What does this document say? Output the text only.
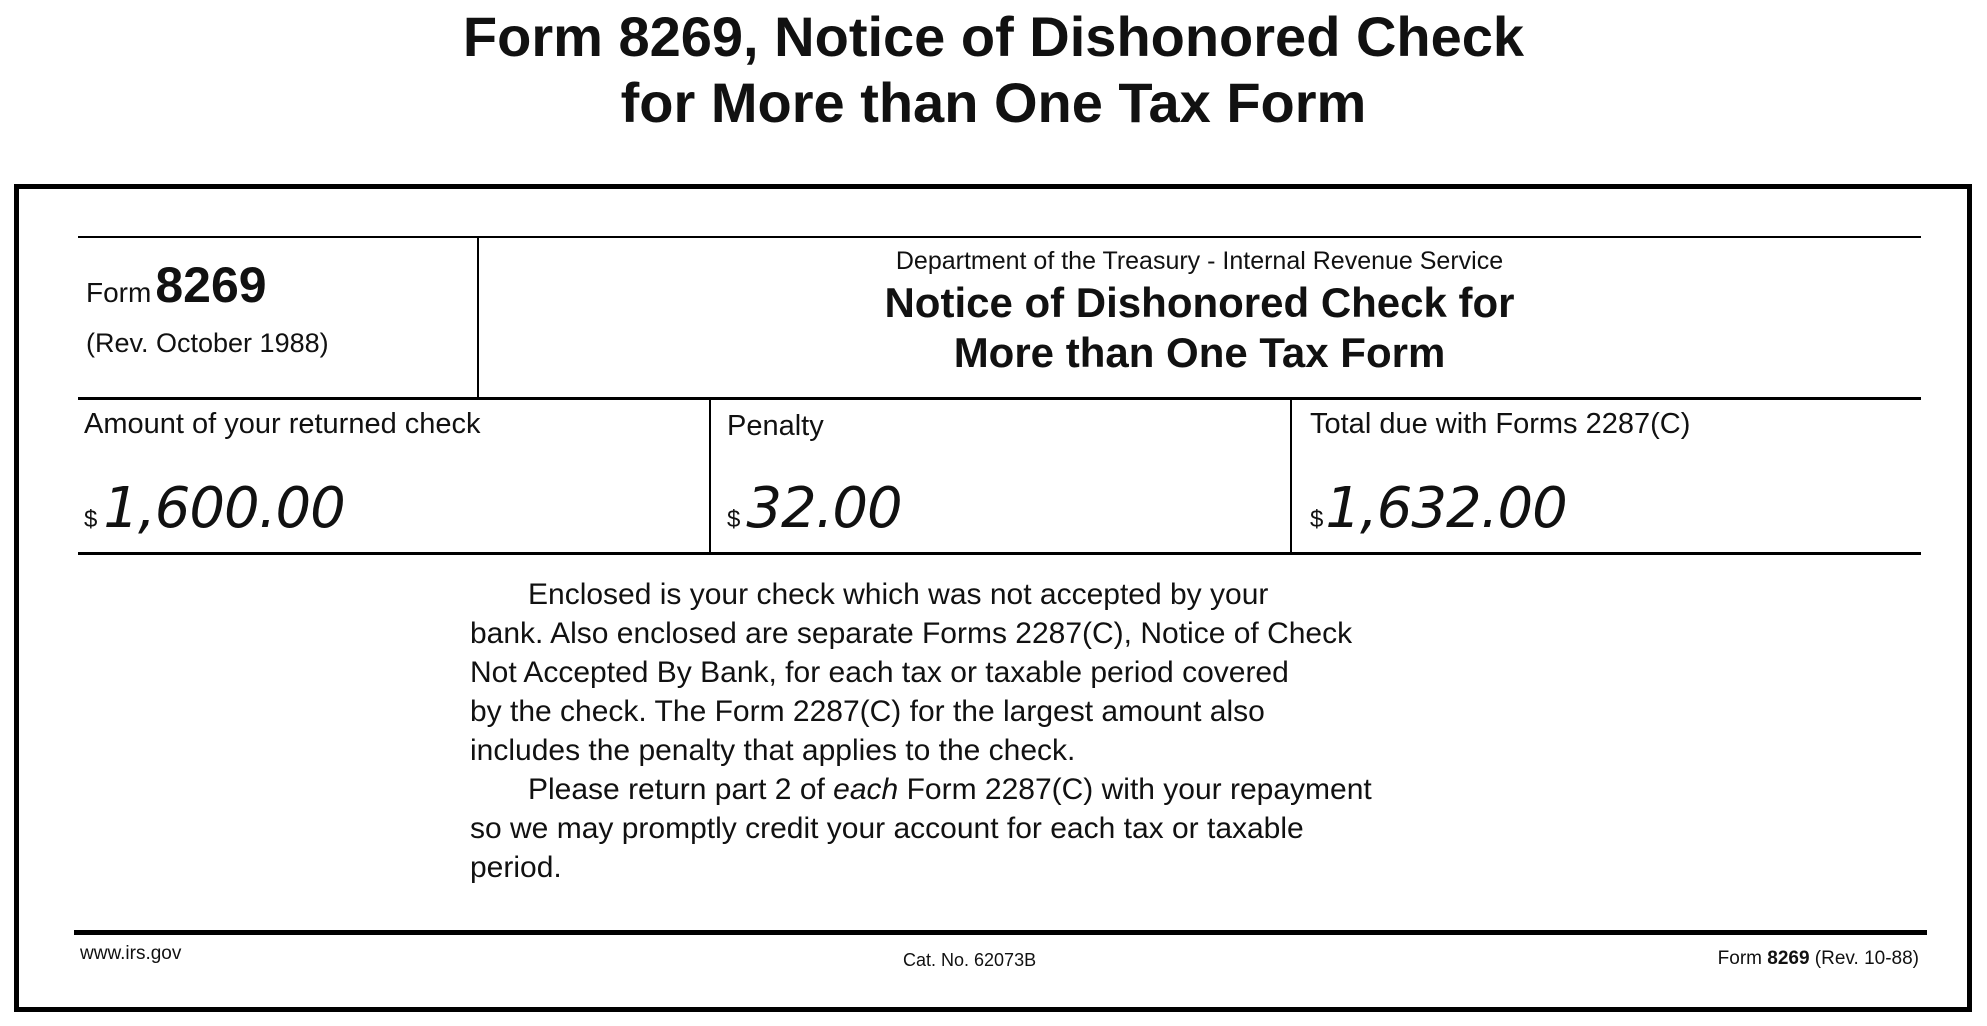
Form 8269, Notice of Dishonored Check
for More than One Tax Form
Form8269
(Rev. October 1988)
Department of the Treasury - Internal Revenue Service
Notice of Dishonored Check for
More than One Tax Form
Amount of your returned check
$ 1,600.00
Penalty
$ 32.00
Total due with Forms 2287(C)
$1,632.00

Enclosed is your check which was not accepted by your

bank. Also enclosed are separate Forms 2287(C), Notice of Check

Not Accepted By Bank, for each tax or taxable period covered

by the check. The Form 2287(C) for the largest amount also

includes the penalty that applies to the check.

Please return part 2 of each Form 2287(C) with your repayment

so we may promptly credit your account for each tax or taxable

period.

www.irs.gov	Cat. No. 62073B	Form 8269 (Rev. 10-88)
